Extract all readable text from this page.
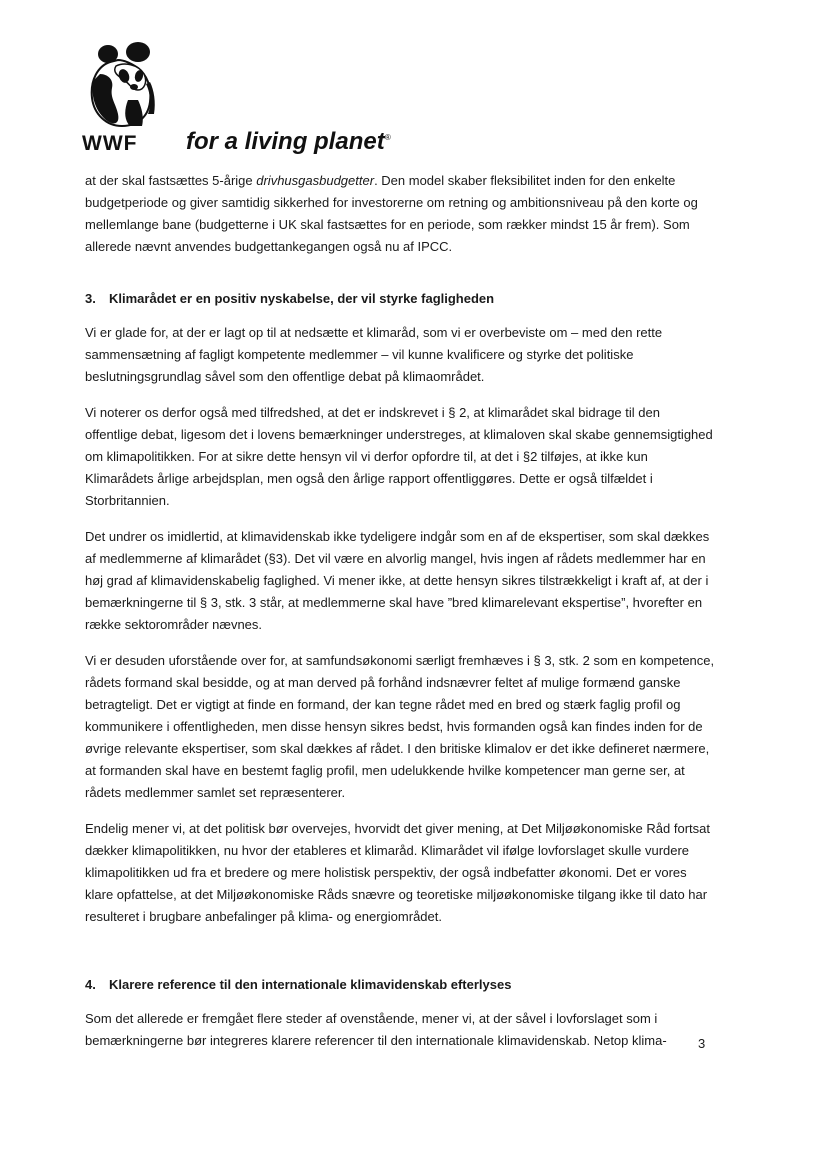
WWF for a living planet®

at der skal fastsættes 5-årige drivhusgasbudgetter. Den model skaber fleksibilitet inden for den enkelte budgetperiode og giver samtidig sikkerhed for investorerne om retning og ambitionsniveau på den korte og mellemlange bane (budgetterne i UK skal fastsættes for en periode, som rækker mindst 15 år frem). Som allerede nævnt anvendes budgettankegangen også nu af IPCC.

3. Klimarådet er en positiv nyskabelse, der vil styrke fagligheden

Vi er glade for, at der er lagt op til at nedsætte et klimaråd, som vi er overbeviste om – med den rette sammensætning af fagligt kompetente medlemmer – vil kunne kvalificere og styrke det politiske beslutningsgrundlag såvel som den offentlige debat på klimaområdet.

Vi noterer os derfor også med tilfredshed, at det er indskrevet i § 2, at klimarådet skal bidrage til den offentlige debat, ligesom det i lovens bemærkninger understreges, at klimaloven skal skabe gennemsigtighed om klimapolitikken. For at sikre dette hensyn vil vi derfor opfordre til, at det i §2 tilføjes, at ikke kun Klimarådets årlige arbejdsplan, men også den årlige rapport offentliggøres. Dette er også tilfældet i Storbritannien.

Det undrer os imidlertid, at klimavidenskab ikke tydeligere indgår som en af de ekspertiser, som skal dækkes af medlemmerne af klimarådet (§3). Det vil være en alvorlig mangel, hvis ingen af rådets medlemmer har en høj grad af klimavidenskabelig faglighed. Vi mener ikke, at dette hensyn sikres tilstrækkeligt i kraft af, at der i bemærkningerne til § 3, stk. 3 står, at medlemmerne skal have ”bred klimarelevant ekspertise”, hvorefter en række sektorområder nævnes.

Vi er desuden uforstående over for, at samfundsøkonomi særligt fremhæves i § 3, stk. 2 som en kompetence, rådets formand skal besidde, og at man derved på forhånd indsnævrer feltet af mulige formænd ganske betragteligt. Det er vigtigt at finde en formand, der kan tegne rådet med en bred og stærk faglig profil og kommunikere i offentligheden, men disse hensyn sikres bedst, hvis formanden også kan findes inden for de øvrige relevante ekspertiser, som skal dækkes af rådet. I den britiske klimalov er det ikke defineret nærmere, at formanden skal have en bestemt faglig profil, men udelukkende hvilke kompetencer man gerne ser, at rådets medlemmer samlet set repræsenterer.

Endelig mener vi, at det politisk bør overvejes, hvorvidt det giver mening, at Det Miljøøkonomiske Råd fortsat dækker klimapolitikken, nu hvor der etableres et klimaråd. Klimarådet vil ifølge lovforslaget skulle vurdere klimapolitikken ud fra et bredere og mere holistisk perspektiv, der også indbefatter økonomi. Det er vores klare opfattelse, at det Miljøøkonomiske Råds snævre og teoretiske miljøøkonomiske tilgang ikke til dato har resulteret i brugbare anbefalinger på klima- og energiområdet.

4. Klarere reference til den internationale klimavidenskab efterlyses

Som det allerede er fremgået flere steder af ovenstående, mener vi, at der såvel i lovforslaget som i bemærkningerne bør integreres klarere referencer til den internationale klimavidenskab. Netop klima-	3
